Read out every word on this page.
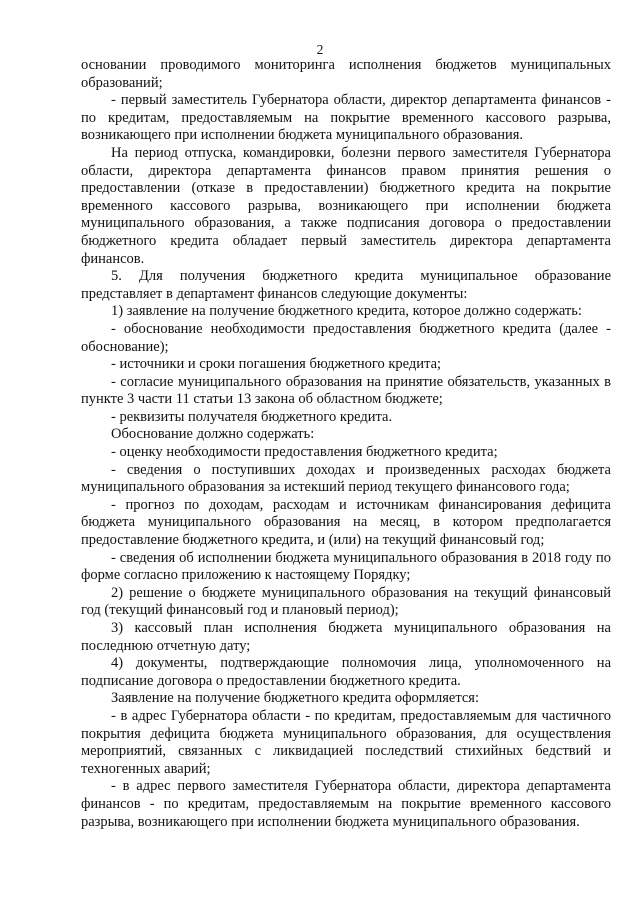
2

основании проводимого мониторинга исполнения бюджетов муниципальных образований;

- первый заместитель Губернатора области, директор департамента финансов - по кредитам, предоставляемым на покрытие временного кассового разрыва, возникающего при исполнении бюджета муниципального образования.

На период отпуска, командировки, болезни первого заместителя Губернатора области, директора департамента финансов правом принятия решения о предоставлении (отказе в предоставлении) бюджетного кредита на покрытие временного кассового разрыва, возникающего при исполнении бюджета муниципального образования, а также подписания договора о предоставлении бюджетного кредита обладает первый заместитель директора департамента финансов.

5. Для получения бюджетного кредита муниципальное образование представляет в департамент финансов следующие документы:

1) заявление на получение бюджетного кредита, которое должно содержать:

- обоснование необходимости предоставления бюджетного кредита (далее - обоснование);

- источники и сроки погашения бюджетного кредита;

- согласие муниципального образования на принятие обязательств, указанных в пункте 3 части 11 статьи 13 закона об областном бюджете;

- реквизиты получателя бюджетного кредита.

Обоснование должно содержать:

- оценку необходимости предоставления бюджетного кредита;

- сведения о поступивших доходах и произведенных расходах бюджета муниципального образования за истекший период текущего финансового года;

- прогноз по доходам, расходам и источникам финансирования дефицита бюджета муниципального образования на месяц, в котором предполагается предоставление бюджетного кредита, и (или) на текущий финансовый год;

- сведения об исполнении бюджета муниципального образования в 2018 году по форме согласно приложению к настоящему Порядку;

2) решение о бюджете муниципального образования на текущий финансовый год (текущий финансовый год и плановый период);

3) кассовый план исполнения бюджета муниципального образования на последнюю отчетную дату;

4) документы, подтверждающие полномочия лица, уполномоченного на подписание договора о предоставлении бюджетного кредита.

Заявление на получение бюджетного кредита оформляется:

- в адрес Губернатора области - по кредитам, предоставляемым для частичного покрытия дефицита бюджета муниципального образования, для осуществления мероприятий, связанных с ликвидацией последствий стихийных бедствий и техногенных аварий;

- в адрес первого заместителя Губернатора области, директора департамента финансов - по кредитам, предоставляемым на покрытие временного кассового разрыва, возникающего при исполнении бюджета муниципального образования.
